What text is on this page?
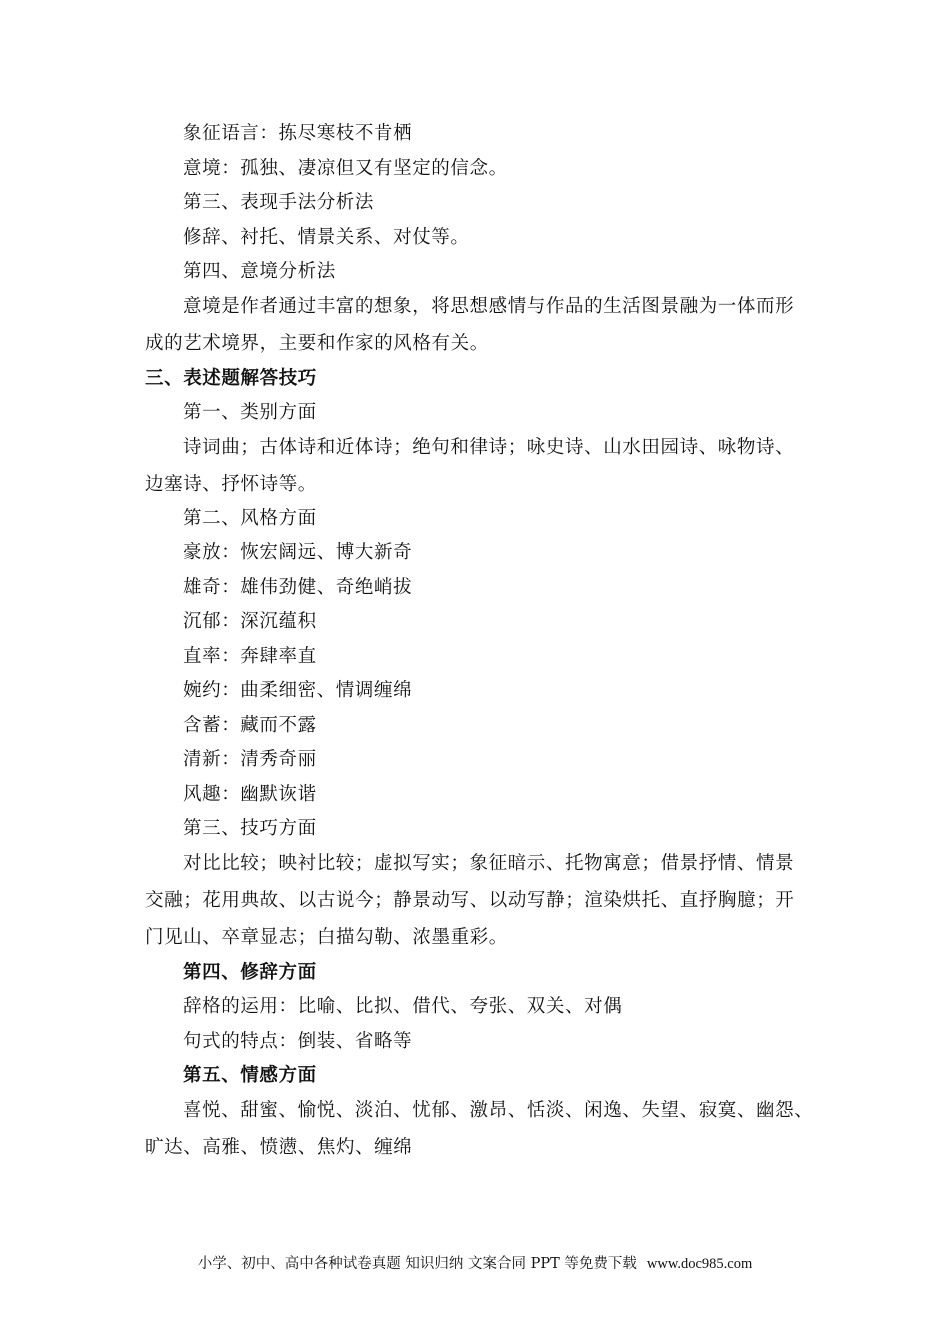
象征语言：拣尽寒枝不肯栖
意境：孤独、凄凉但又有坚定的信念。
第三、表现手法分析法
修辞、衬托、情景关系、对仗等。
第四、意境分析法
意境是作者通过丰富的想象，将思想感情与作品的生活图景融为一体而形
成的艺术境界，主要和作家的风格有关。
三、表述题解答技巧
第一、类别方面
诗词曲；古体诗和近体诗；绝句和律诗；咏史诗、山水田园诗、咏物诗、
边塞诗、抒怀诗等。
第二、风格方面
豪放：恢宏阔远、博大新奇
雄奇：雄伟劲健、奇绝峭拔
沉郁：深沉蕴积
直率：奔肆率直
婉约：曲柔细密、情调缠绵
含蓄：藏而不露
清新：清秀奇丽
风趣：幽默诙谐
第三、技巧方面
对比比较；映衬比较；虚拟写实；象征暗示、托物寓意；借景抒情、情景
交融；花用典故、以古说今；静景动写、以动写静；渲染烘托、直抒胸臆；开
门见山、卒章显志；白描勾勒、浓墨重彩。
第四、修辞方面
辞格的运用：比喻、比拟、借代、夸张、双关、对偶
句式的特点：倒装、省略等
第五、情感方面
喜悦、甜蜜、愉悦、淡泊、忧郁、激昂、恬淡、闲逸、失望、寂寞、幽怨、
旷达、高雅、愤懑、焦灼、缠绵
小学、初中、高中各种试卷真题 知识归纳 文案合同 PPT 等免费下载 www.doc985.com
